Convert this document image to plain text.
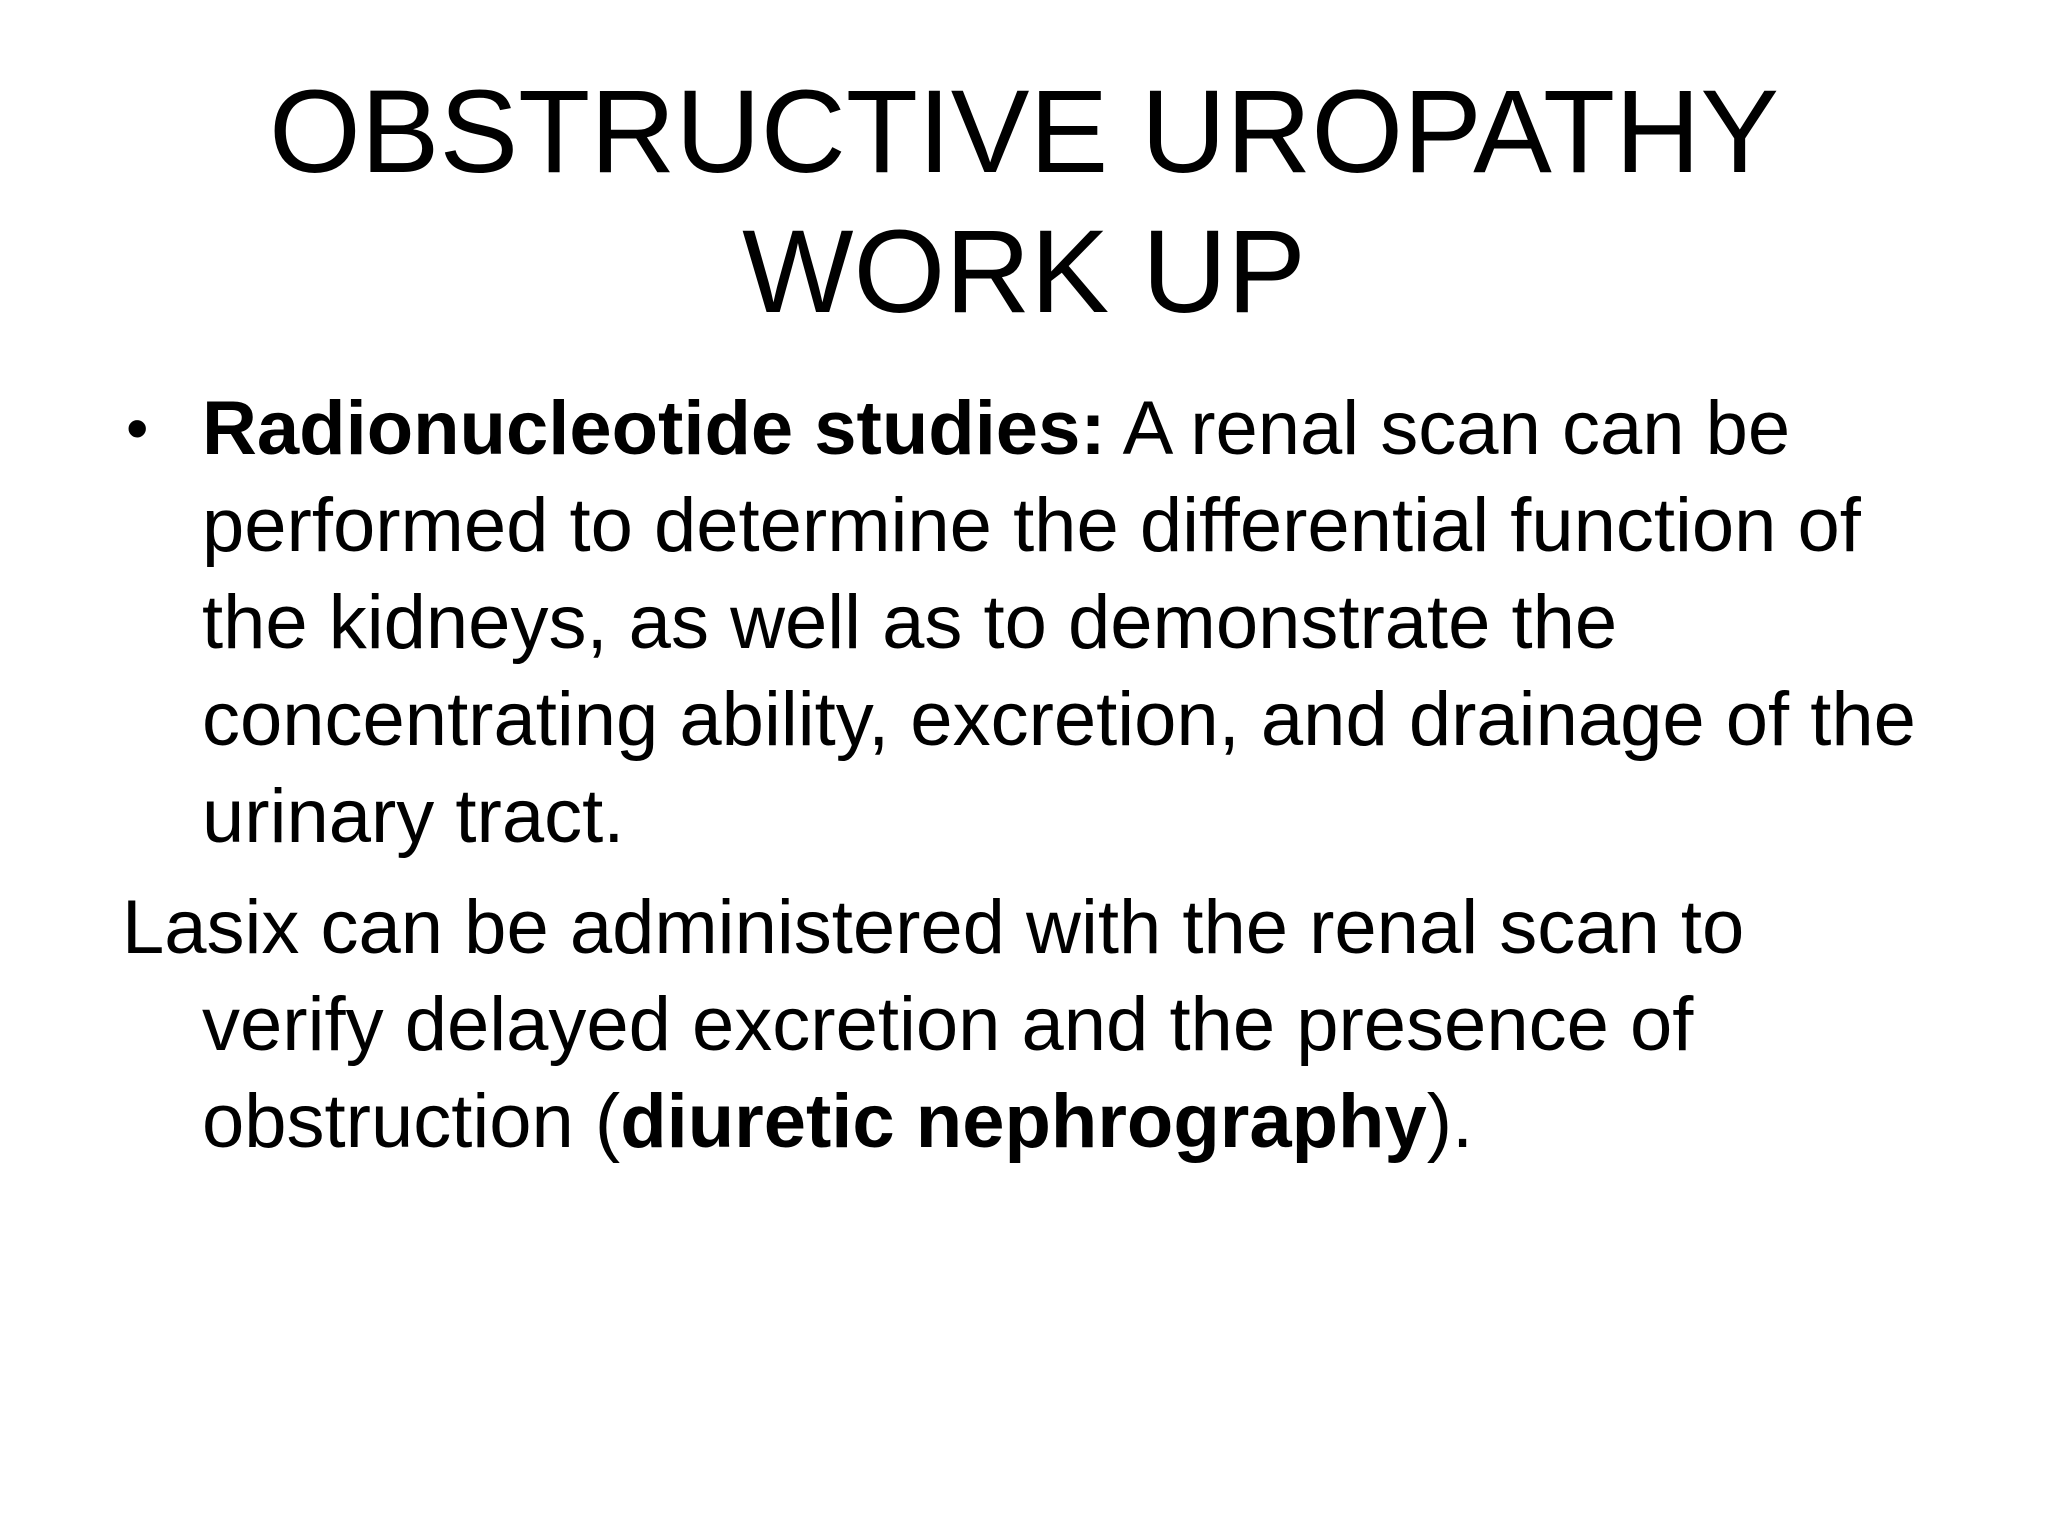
OBSTRUCTIVE UROPATHY
WORK UP
• Radionucleotide studies: A renal scan can be performed to determine the differential function of the kidneys, as well as to demonstrate the concentrating ability, excretion, and drainage of the urinary tract.

Lasix can be administered with the renal scan to verify delayed excretion and the presence of obstruction (diuretic nephrography).
